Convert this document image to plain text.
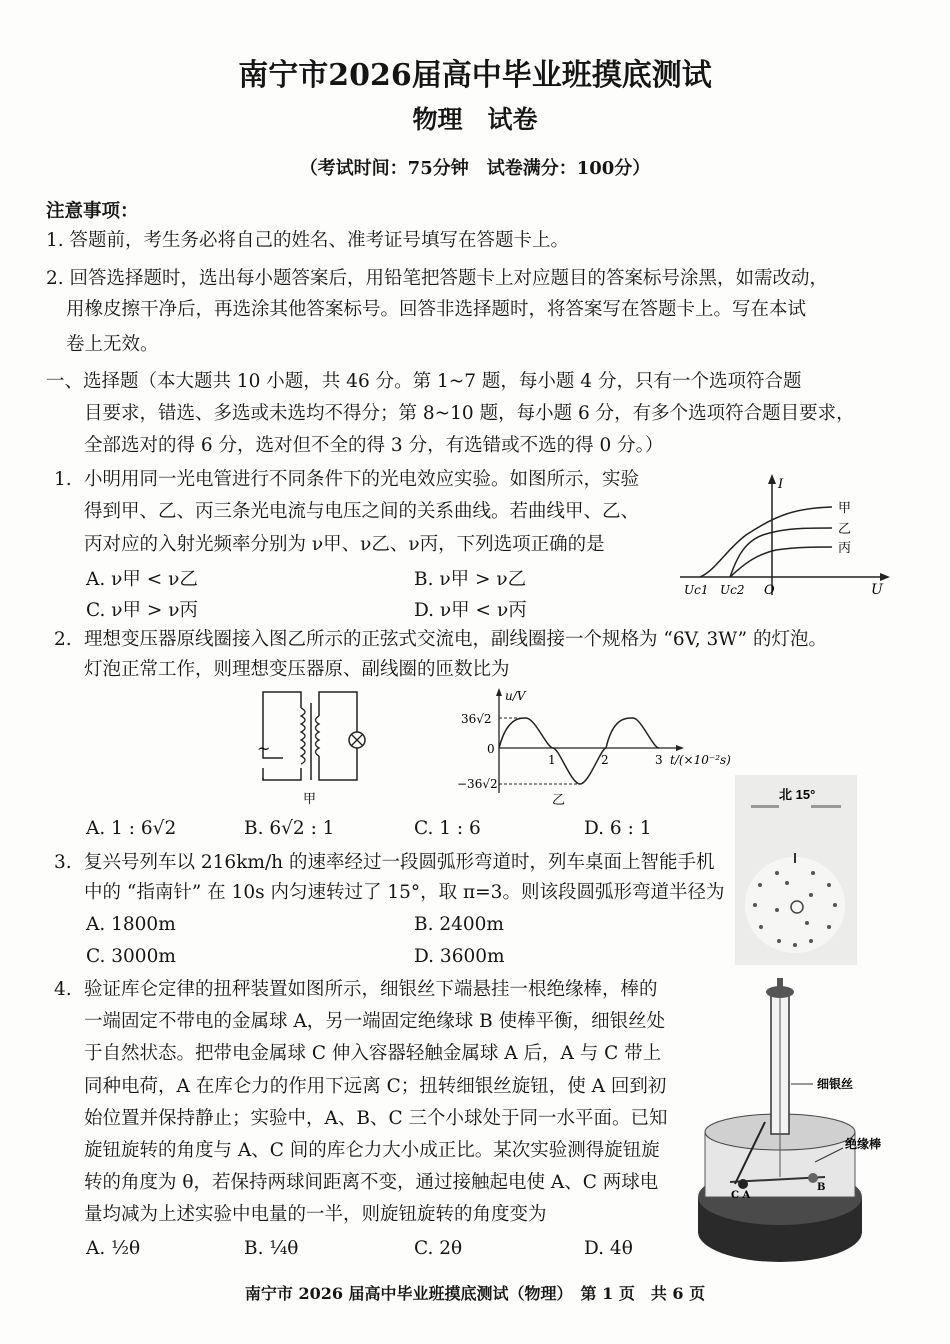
南宁市2026届高中毕业班摸底测试
物理　试卷
（考试时间：75分钟　试卷满分：100分）
注意事项：
1. 答题前，考生务必将自己的姓名、准考证号填写在答题卡上。
2. 回答选择题时，选出每小题答案后，用铅笔把答题卡上对应题目的答案标号涂黑，如需改动，
用橡皮擦干净后，再选涂其他答案标号。回答非选择题时，将答案写在答题卡上。写在本试
卷上无效。
一、选择题（本大题共 10 小题，共 46 分。第 1~7 题，每小题 4 分，只有一个选项符合题
目要求，错选、多选或未选均不得分；第 8~10 题，每小题 6 分，有多个选项符合题目要求，
全部选对的得 6 分，选对但不全的得 3 分，有选错或不选的得 0 分。）
1. 小明用同一光电管进行不同条件下的光电效应实验。如图所示，实验
得到甲、乙、丙三条光电流与电压之间的关系曲线。若曲线甲、乙、
丙对应的入射光频率分别为 ν甲、ν乙、ν丙，下列选项正确的是
A. ν甲 < ν乙	B. ν甲 > ν乙
C. ν甲 > ν丙	D. ν甲 < ν丙
I
U
O
Uc1 Uc2
甲
乙
丙
2. 理想变压器原线圈接入图乙所示的正弦式交流电，副线圈接一个规格为 “6V, 3W” 的灯泡。
灯泡正常工作，则理想变压器原、副线圈的匝数比为
~
甲
u/V
36√2
−36√2
0
1	2	3 t/(×10⁻²s)
乙
A. 1 : 6√2	B. 6√2 : 1	C. 1 : 6	D. 6 : 1
3. 复兴号列车以 216km/h 的速率经过一段圆弧形弯道时，列车桌面上智能手机
中的 “指南针” 在 10s 内匀速转过了 15°，取 π=3。则该段圆弧形弯道半径为
A. 1800m	B. 2400m
C. 3000m	D. 3600m
北 15°
4. 验证库仑定律的扭秤装置如图所示，细银丝下端悬挂一根绝缘棒，棒的
一端固定不带电的金属球 A，另一端固定绝缘球 B 使棒平衡，细银丝处
于自然状态。把带电金属球 C 伸入容器轻触金属球 A 后，A 与 C 带上
同种电荷，A 在库仑力的作用下远离 C；扭转细银丝旋钮，使 A 回到初
始位置并保持静止；实验中，A、B、C 三个小球处于同一水平面。已知
旋钮旋转的角度与 A、C 间的库仑力大小成正比。某次实验测得旋钮旋
转的角度为 θ，若保持两球间距离不变，通过接触起电使 A、C 两球电
量均减为上述实验中电量的一半，则旋钮旋转的角度变为
A. ½θ	B. ¼θ	C. 2θ	D. 4θ
C A
B
细银丝
绝缘棒
南宁市 2026 届高中毕业班摸底测试（物理）　第 1 页　共 6 页
